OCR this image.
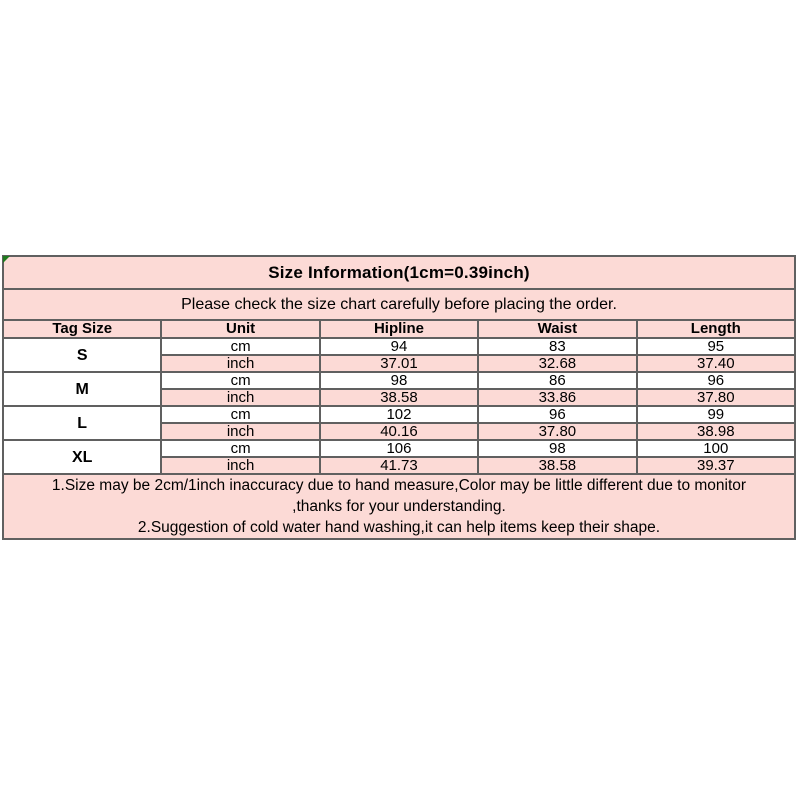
Size Information(1cm=0.39inch)				
Please check the size chart carefully before placing the order.				
Tag Size	Unit	Hipline	Waist	Length
S	cm	94	83	95
	inch	37.01	32.68	37.40
M	cm	98	86	96
	inch	38.58	33.86	37.80
L	cm	102	96	99
	inch	40.16	37.80	38.98
XL	cm	106	98	100
	inch	41.73	38.58	39.37

1.Size may be 2cm/1inch inaccuracy due to hand measure,Color may be little different due to monitor
,thanks for your understanding.
2.Suggestion of cold water hand washing,it can help items keep their shape.				
